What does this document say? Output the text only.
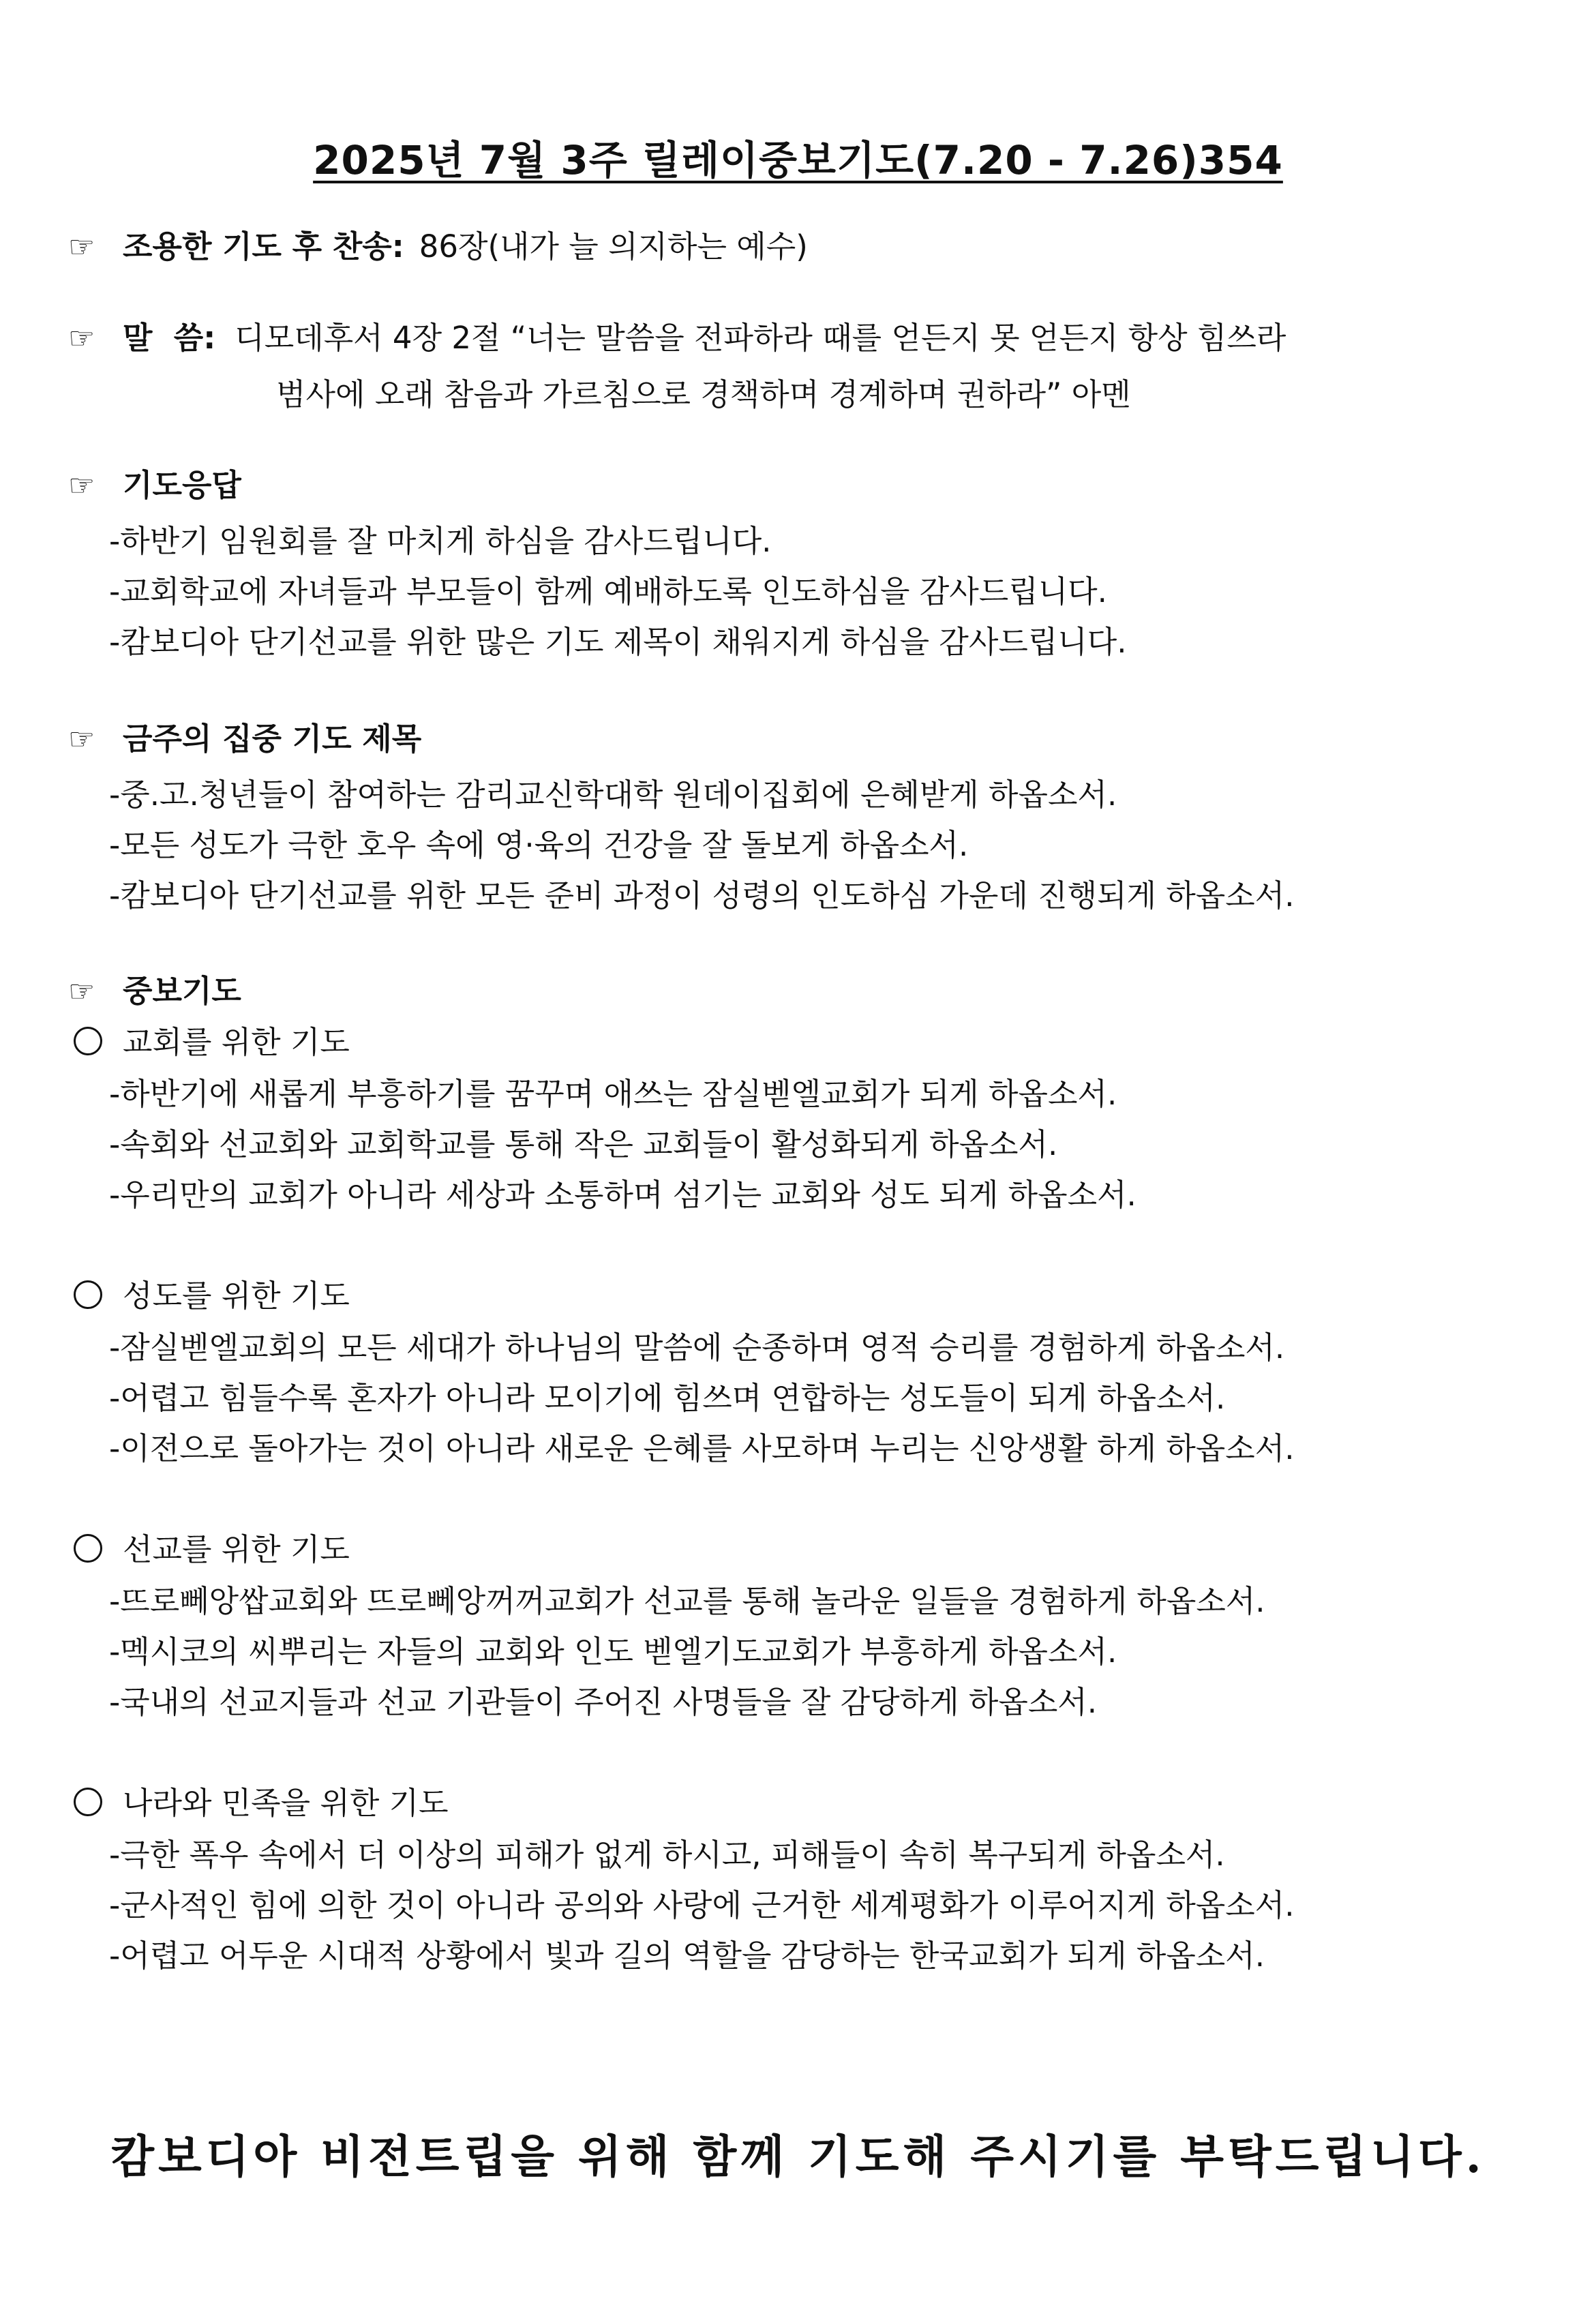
2025년 7월 3주 릴레이중보기도(7.20 - 7.26)354
☞ 조용한 기도 후 찬송: 86장(내가 늘 의지하는 예수)
☞ 말  씀: 디모데후서 4장 2절 “너는 말씀을 전파하라 때를 얻든지 못 얻든지 항상 힘쓰라
범사에 오래 참음과 가르침으로 경책하며 경계하며 권하라” 아멘
☞ 기도응답
-하반기 임원회를 잘 마치게 하심을 감사드립니다.
-교회학교에 자녀들과 부모들이 함께 예배하도록 인도하심을 감사드립니다.
-캄보디아 단기선교를 위한 많은 기도 제목이 채워지게 하심을 감사드립니다.
☞ 금주의 집중 기도 제목
-중.고.청년들이 참여하는 감리교신학대학 원데이집회에 은혜받게 하옵소서.
-모든 성도가 극한 호우 속에 영·육의 건강을 잘 돌보게 하옵소서.
-캄보디아 단기선교를 위한 모든 준비 과정이 성령의 인도하심 가운데 진행되게 하옵소서.
☞ 중보기도
교회를 위한 기도
-하반기에 새롭게 부흥하기를 꿈꾸며 애쓰는 잠실벧엘교회가 되게 하옵소서.
-속회와 선교회와 교회학교를 통해 작은 교회들이 활성화되게 하옵소서.
-우리만의 교회가 아니라 세상과 소통하며 섬기는 교회와 성도 되게 하옵소서.
성도를 위한 기도
-잠실벧엘교회의 모든 세대가 하나님의 말씀에 순종하며 영적 승리를 경험하게 하옵소서.
-어렵고 힘들수록 혼자가 아니라 모이기에 힘쓰며 연합하는 성도들이 되게 하옵소서.
-이전으로 돌아가는 것이 아니라 새로운 은혜를 사모하며 누리는 신앙생활 하게 하옵소서.
선교를 위한 기도
-뜨로뻬앙쌉교회와 뜨로뻬앙꺼꺼교회가 선교를 통해 놀라운 일들을 경험하게 하옵소서.
-멕시코의 씨뿌리는 자들의 교회와 인도 벧엘기도교회가 부흥하게 하옵소서.
-국내의 선교지들과 선교 기관들이 주어진 사명들을 잘 감당하게 하옵소서.
나라와 민족을 위한 기도
-극한 폭우 속에서 더 이상의 피해가 없게 하시고, 피해들이 속히 복구되게 하옵소서.
-군사적인 힘에 의한 것이 아니라 공의와 사랑에 근거한 세계평화가 이루어지게 하옵소서.
-어렵고 어두운 시대적 상황에서 빛과 길의 역할을 감당하는 한국교회가 되게 하옵소서.
캄보디아 비전트립을 위해 함께 기도해 주시기를 부탁드립니다.
